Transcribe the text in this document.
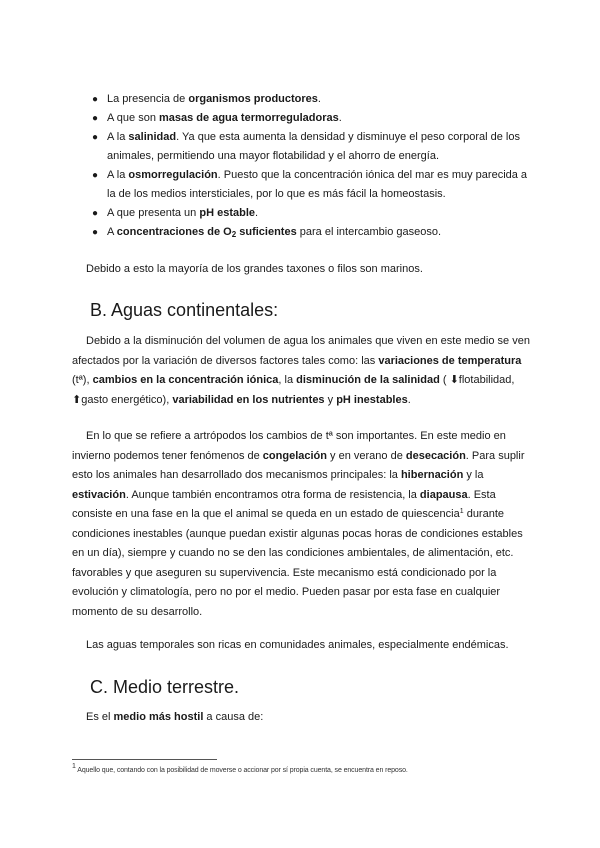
● La presencia de organismos productores.
● A que son masas de agua termorreguladoras.
● A la salinidad. Ya que esta aumenta la densidad y disminuye el peso corporal de los animales, permitiendo una mayor flotabilidad y el ahorro de energía.
● A la osmorregulación. Puesto que la concentración iónica del mar es muy parecida a la de los medios intersticiales, por lo que es más fácil la homeostasis.
● A que presenta un pH estable.
● A concentraciones de $O_2$ suficientes para el intercambio gaseoso.

Debido a esto la mayoría de los grandes taxones o filos son marinos.

B. Aguas continentales:

Debido a la disminución del volumen de agua los animales que viven en este medio se ven afectados por la variación de diversos factores tales como: las variaciones de temperatura (tª), cambios en la concentración iónica, la disminución de la salinidad ( ⬇flotabilidad, ⬆gasto energético), variabilidad en los nutrientes y pH inestables.

En lo que se refiere a artrópodos los cambios de tª son importantes. En este medio en invierno podemos tener fenómenos de congelación y en verano de desecación. Para suplir esto los animales han desarrollado dos mecanismos principales: la hibernación y la estivación. Aunque también encontramos otra forma de resistencia, la diapausa. Esta consiste en una fase en la que el animal se queda en un estado de quiescencia$^1$ durante condiciones inestables (aunque puedan existir algunas pocas horas de condiciones estables en un día), siempre y cuando no se den las condiciones ambientales, de alimentación, etc. favorables y que aseguren su supervivencia. Este mecanismo está condicionado por la evolución y climatología, pero no por el medio. Pueden pasar por esta fase en cualquier momento de su desarrollo.

Las aguas temporales son ricas en comunidades animales, especialmente endémicas.

C. Medio terrestre.

Es el medio más hostil a causa de:

$^1$ Aquello que, contando con la posibilidad de moverse o accionar por sí propia cuenta, se encuentra en reposo.
